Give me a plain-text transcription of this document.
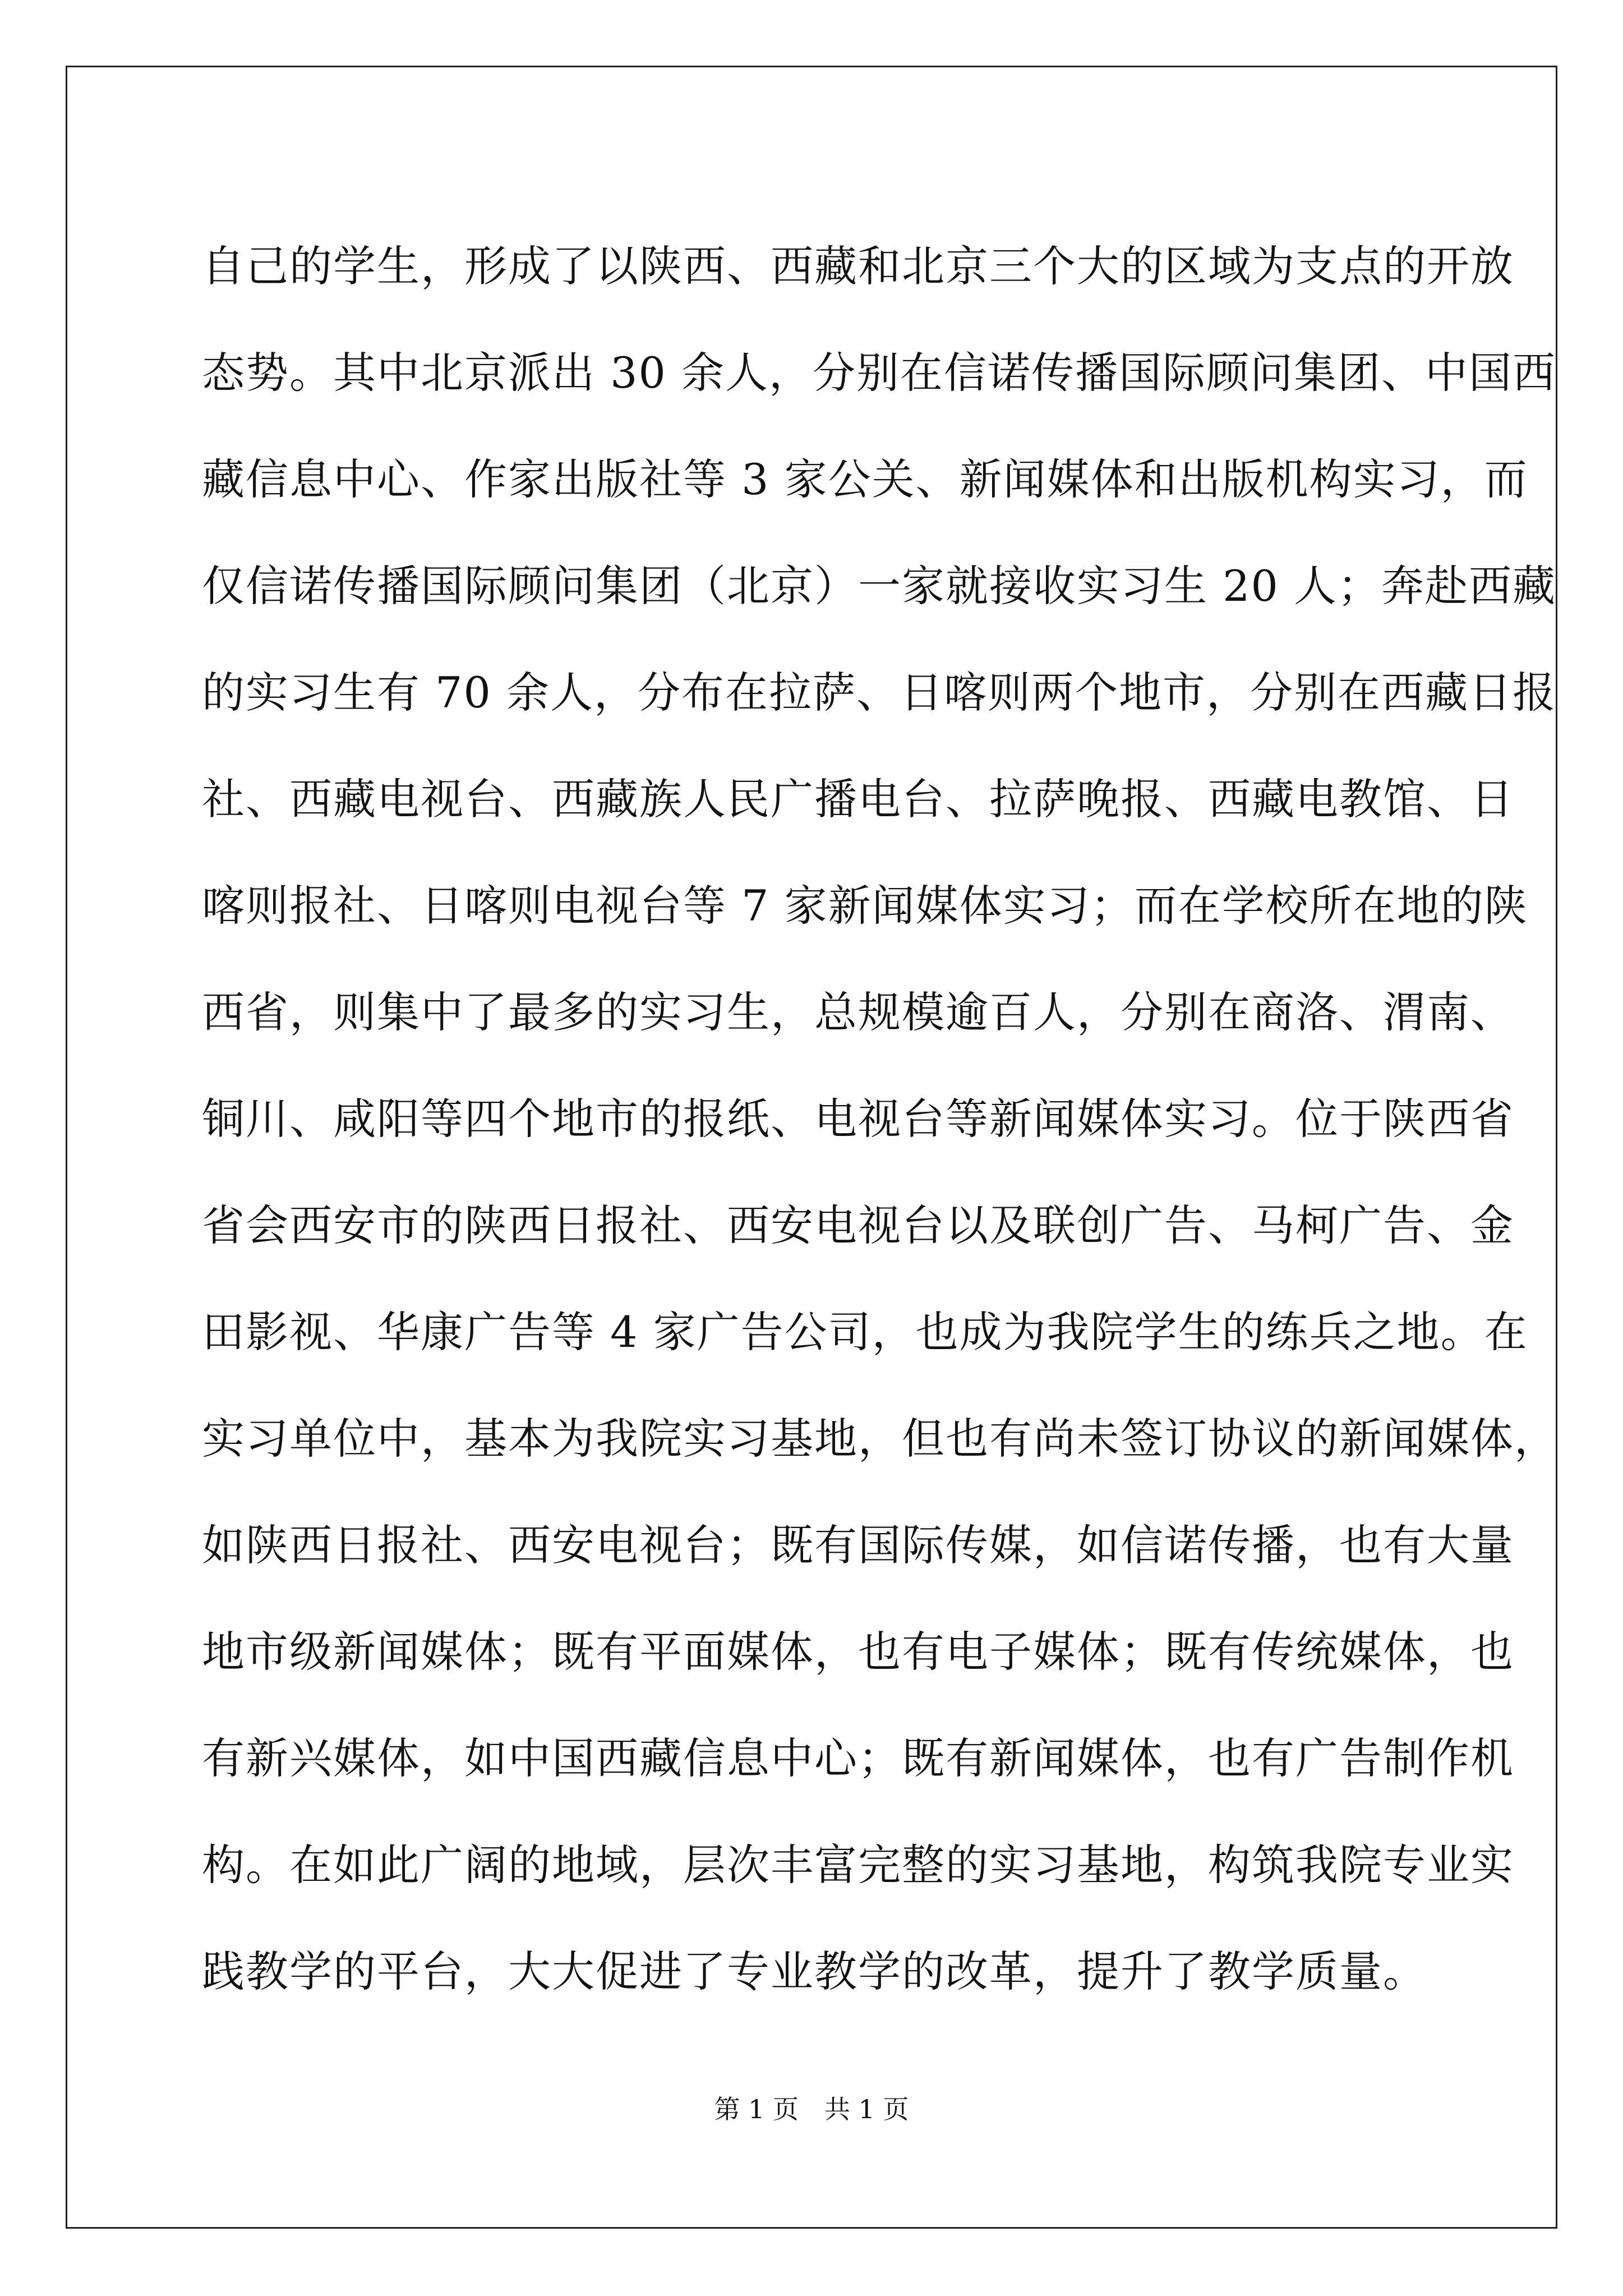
自己的学生，形成了以陕西、西藏和北京三个大的区域为支点的开放
态势。其中北京派出 30 余人，分别在信诺传播国际顾问集团、中国西
藏信息中心、作家出版社等 3 家公关、新闻媒体和出版机构实习，而
仅信诺传播国际顾问集团（北京）一家就接收实习生 20 人；奔赴西藏
的实习生有 70 余人，分布在拉萨、日喀则两个地市，分别在西藏日报
社、西藏电视台、西藏族人民广播电台、拉萨晚报、西藏电教馆、日
喀则报社、日喀则电视台等 7 家新闻媒体实习；而在学校所在地的陕
西省，则集中了最多的实习生，总规模逾百人，分别在商洛、渭南、
铜川、咸阳等四个地市的报纸、电视台等新闻媒体实习。位于陕西省
省会西安市的陕西日报社、西安电视台以及联创广告、马柯广告、金
田影视、华康广告等 4 家广告公司，也成为我院学生的练兵之地。在
实习单位中，基本为我院实习基地，但也有尚未签订协议的新闻媒体，
如陕西日报社、西安电视台；既有国际传媒，如信诺传播，也有大量
地市级新闻媒体；既有平面媒体，也有电子媒体；既有传统媒体，也
有新兴媒体，如中国西藏信息中心；既有新闻媒体，也有广告制作机
构。在如此广阔的地域，层次丰富完整的实习基地，构筑我院专业实
践教学的平台，大大促进了专业教学的改革，提升了教学质量。
第 1 页　共 1 页
